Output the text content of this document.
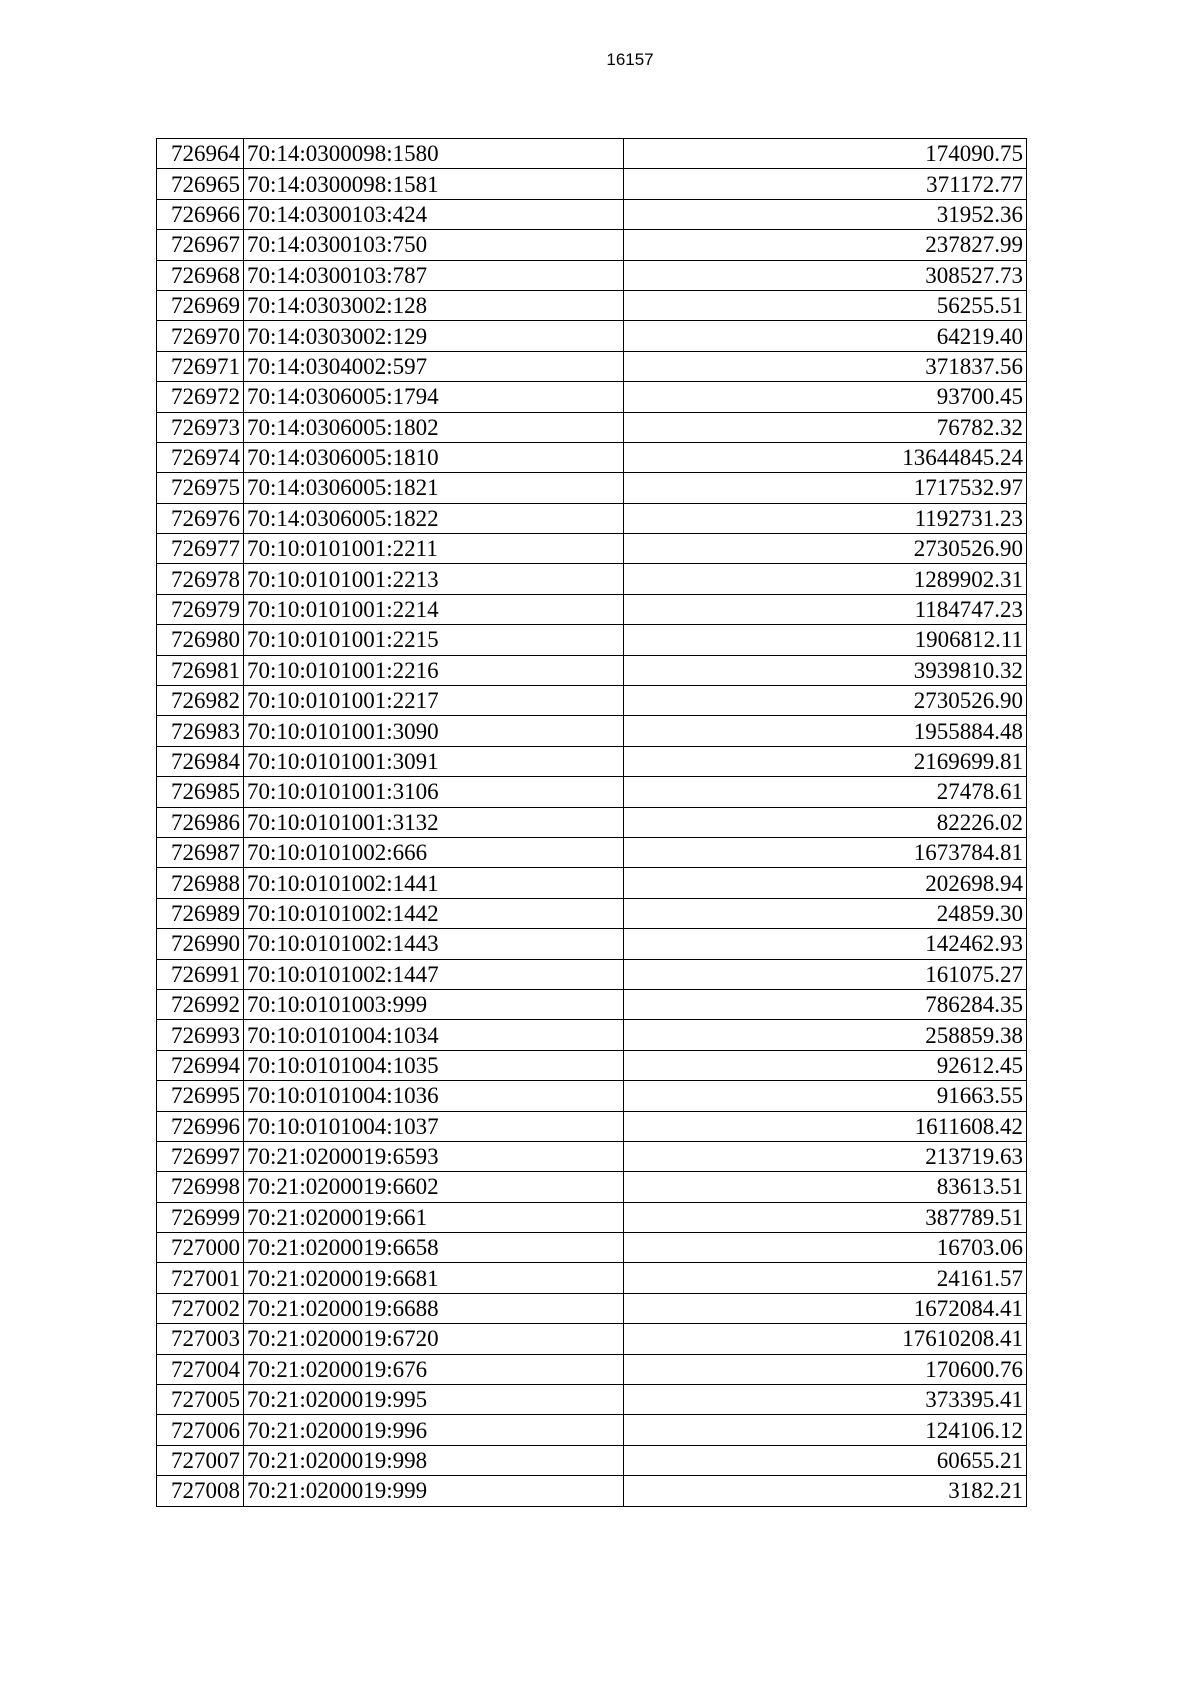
16157
726964	70:14:0300098:1580	174090.75
726965	70:14:0300098:1581	371172.77
726966	70:14:0300103:424	31952.36
726967	70:14:0300103:750	237827.99
726968	70:14:0300103:787	308527.73
726969	70:14:0303002:128	56255.51
726970	70:14:0303002:129	64219.40
726971	70:14:0304002:597	371837.56
726972	70:14:0306005:1794	93700.45
726973	70:14:0306005:1802	76782.32
726974	70:14:0306005:1810	13644845.24
726975	70:14:0306005:1821	1717532.97
726976	70:14:0306005:1822	1192731.23
726977	70:10:0101001:2211	2730526.90
726978	70:10:0101001:2213	1289902.31
726979	70:10:0101001:2214	1184747.23
726980	70:10:0101001:2215	1906812.11
726981	70:10:0101001:2216	3939810.32
726982	70:10:0101001:2217	2730526.90
726983	70:10:0101001:3090	1955884.48
726984	70:10:0101001:3091	2169699.81
726985	70:10:0101001:3106	27478.61
726986	70:10:0101001:3132	82226.02
726987	70:10:0101002:666	1673784.81
726988	70:10:0101002:1441	202698.94
726989	70:10:0101002:1442	24859.30
726990	70:10:0101002:1443	142462.93
726991	70:10:0101002:1447	161075.27
726992	70:10:0101003:999	786284.35
726993	70:10:0101004:1034	258859.38
726994	70:10:0101004:1035	92612.45
726995	70:10:0101004:1036	91663.55
726996	70:10:0101004:1037	1611608.42
726997	70:21:0200019:6593	213719.63
726998	70:21:0200019:6602	83613.51
726999	70:21:0200019:661	387789.51
727000	70:21:0200019:6658	16703.06
727001	70:21:0200019:6681	24161.57
727002	70:21:0200019:6688	1672084.41
727003	70:21:0200019:6720	17610208.41
727004	70:21:0200019:676	170600.76
727005	70:21:0200019:995	373395.41
727006	70:21:0200019:996	124106.12
727007	70:21:0200019:998	60655.21
727008	70:21:0200019:999	3182.21
